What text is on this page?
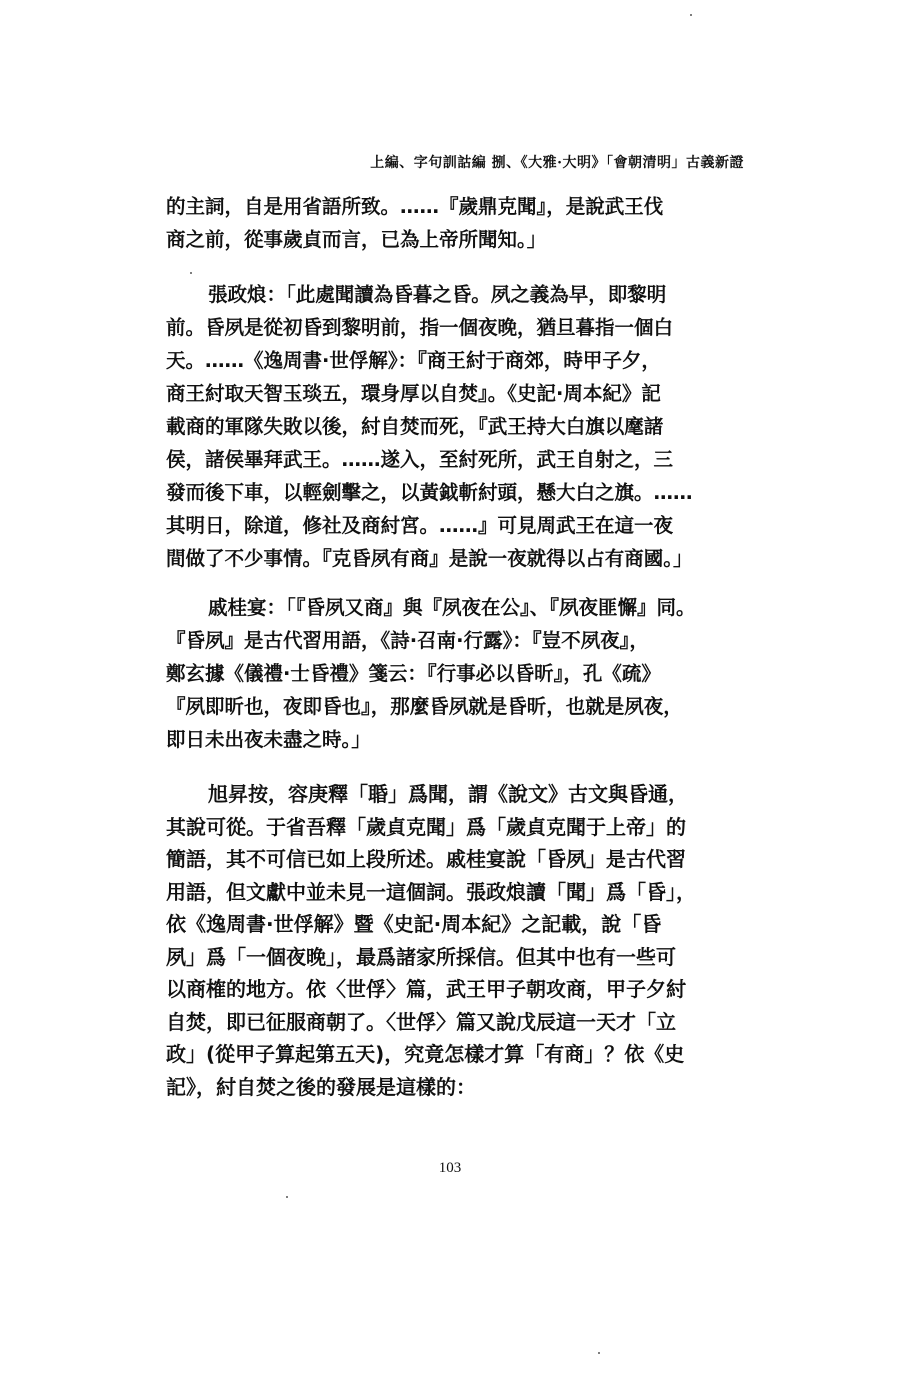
上編、字句訓詁編 捌、《大雅·大明》「會朝清明」古義新證
的主詞，自是用省語所致。……『歲鼎克聞』，是說武王伐
商之前，從事歲貞而言，已為上帝所聞知。」
張政烺：「此處聞讀為昏暮之昏。夙之義為早，即黎明
前。昏夙是從初昏到黎明前，指一個夜晚，猶旦暮指一個白
天。……《逸周書·世俘解》：『商王紂于商郊，時甲子夕，
商王紂取天智玉琰五，環身厚以自焚』。《史記·周本紀》記
載商的軍隊失敗以後，紂自焚而死，『武王持大白旗以麾諸
侯，諸侯畢拜武王。……遂入，至紂死所，武王自射之，三
發而後下車，以輕劍擊之，以黃鉞斬紂頭，懸大白之旗。……
其明日，除道，修社及商紂宮。……』可見周武王在這一夜
間做了不少事情。『克昏夙有商』是說一夜就得以占有商國。」
戚桂宴：「『昏夙又商』與『夙夜在公』、『夙夜匪懈』同。
『昏夙』是古代習用語，《詩·召南·行露》：『豈不夙夜』，
鄭玄據《儀禮·士昏禮》箋云：『行事必以昏昕』，孔《疏》
『夙即昕也，夜即昏也』，那麼昏夙就是昏昕，也就是夙夜，
即日未出夜未盡之時。」
旭昇按，容庚釋「䎽」爲聞，謂《說文》古文與昏通，
其說可從。于省吾釋「歲貞克聞」爲「歲貞克聞于上帝」的
簡語，其不可信已如上段所述。戚桂宴說「昏夙」是古代習
用語，但文獻中並未見一這個詞。張政烺讀「聞」爲「昏」，
依《逸周書·世俘解》暨《史記·周本紀》之記載，說「昏
夙」爲「一個夜晚」，最爲諸家所採信。但其中也有一些可
以商榷的地方。依〈世俘〉篇，武王甲子朝攻商，甲子夕紂
自焚，即已征服商朝了。〈世俘〉篇又說戊辰這一天才「立
政」(從甲子算起第五天)，究竟怎樣才算「有商」？依《史
記》，紂自焚之後的發展是這樣的：
103
